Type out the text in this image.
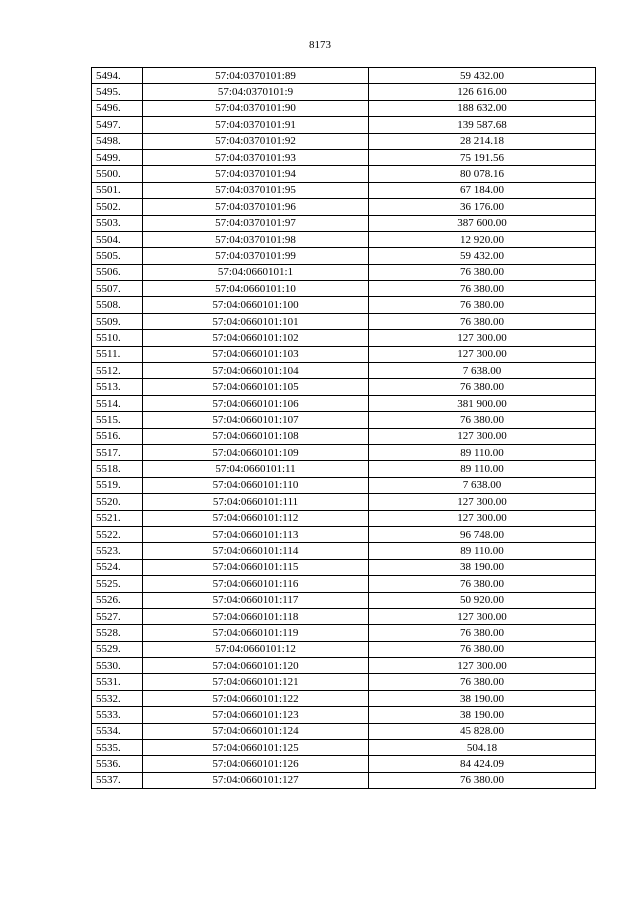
8173
5494.	57:04:0370101:89	59 432.00
5495.	57:04:0370101:9	126 616.00
5496.	57:04:0370101:90	188 632.00
5497.	57:04:0370101:91	139 587.68
5498.	57:04:0370101:92	28 214.18
5499.	57:04:0370101:93	75 191.56
5500.	57:04:0370101:94	80 078.16
5501.	57:04:0370101:95	67 184.00
5502.	57:04:0370101:96	36 176.00
5503.	57:04:0370101:97	387 600.00
5504.	57:04:0370101:98	12 920.00
5505.	57:04:0370101:99	59 432.00
5506.	57:04:0660101:1	76 380.00
5507.	57:04:0660101:10	76 380.00
5508.	57:04:0660101:100	76 380.00
5509.	57:04:0660101:101	76 380.00
5510.	57:04:0660101:102	127 300.00
5511.	57:04:0660101:103	127 300.00
5512.	57:04:0660101:104	7 638.00
5513.	57:04:0660101:105	76 380.00
5514.	57:04:0660101:106	381 900.00
5515.	57:04:0660101:107	76 380.00
5516.	57:04:0660101:108	127 300.00
5517.	57:04:0660101:109	89 110.00
5518.	57:04:0660101:11	89 110.00
5519.	57:04:0660101:110	7 638.00
5520.	57:04:0660101:111	127 300.00
5521.	57:04:0660101:112	127 300.00
5522.	57:04:0660101:113	96 748.00
5523.	57:04:0660101:114	89 110.00
5524.	57:04:0660101:115	38 190.00
5525.	57:04:0660101:116	76 380.00
5526.	57:04:0660101:117	50 920.00
5527.	57:04:0660101:118	127 300.00
5528.	57:04:0660101:119	76 380.00
5529.	57:04:0660101:12	76 380.00
5530.	57:04:0660101:120	127 300.00
5531.	57:04:0660101:121	76 380.00
5532.	57:04:0660101:122	38 190.00
5533.	57:04:0660101:123	38 190.00
5534.	57:04:0660101:124	45 828.00
5535.	57:04:0660101:125	504.18
5536.	57:04:0660101:126	84 424.09
5537.	57:04:0660101:127	76 380.00
